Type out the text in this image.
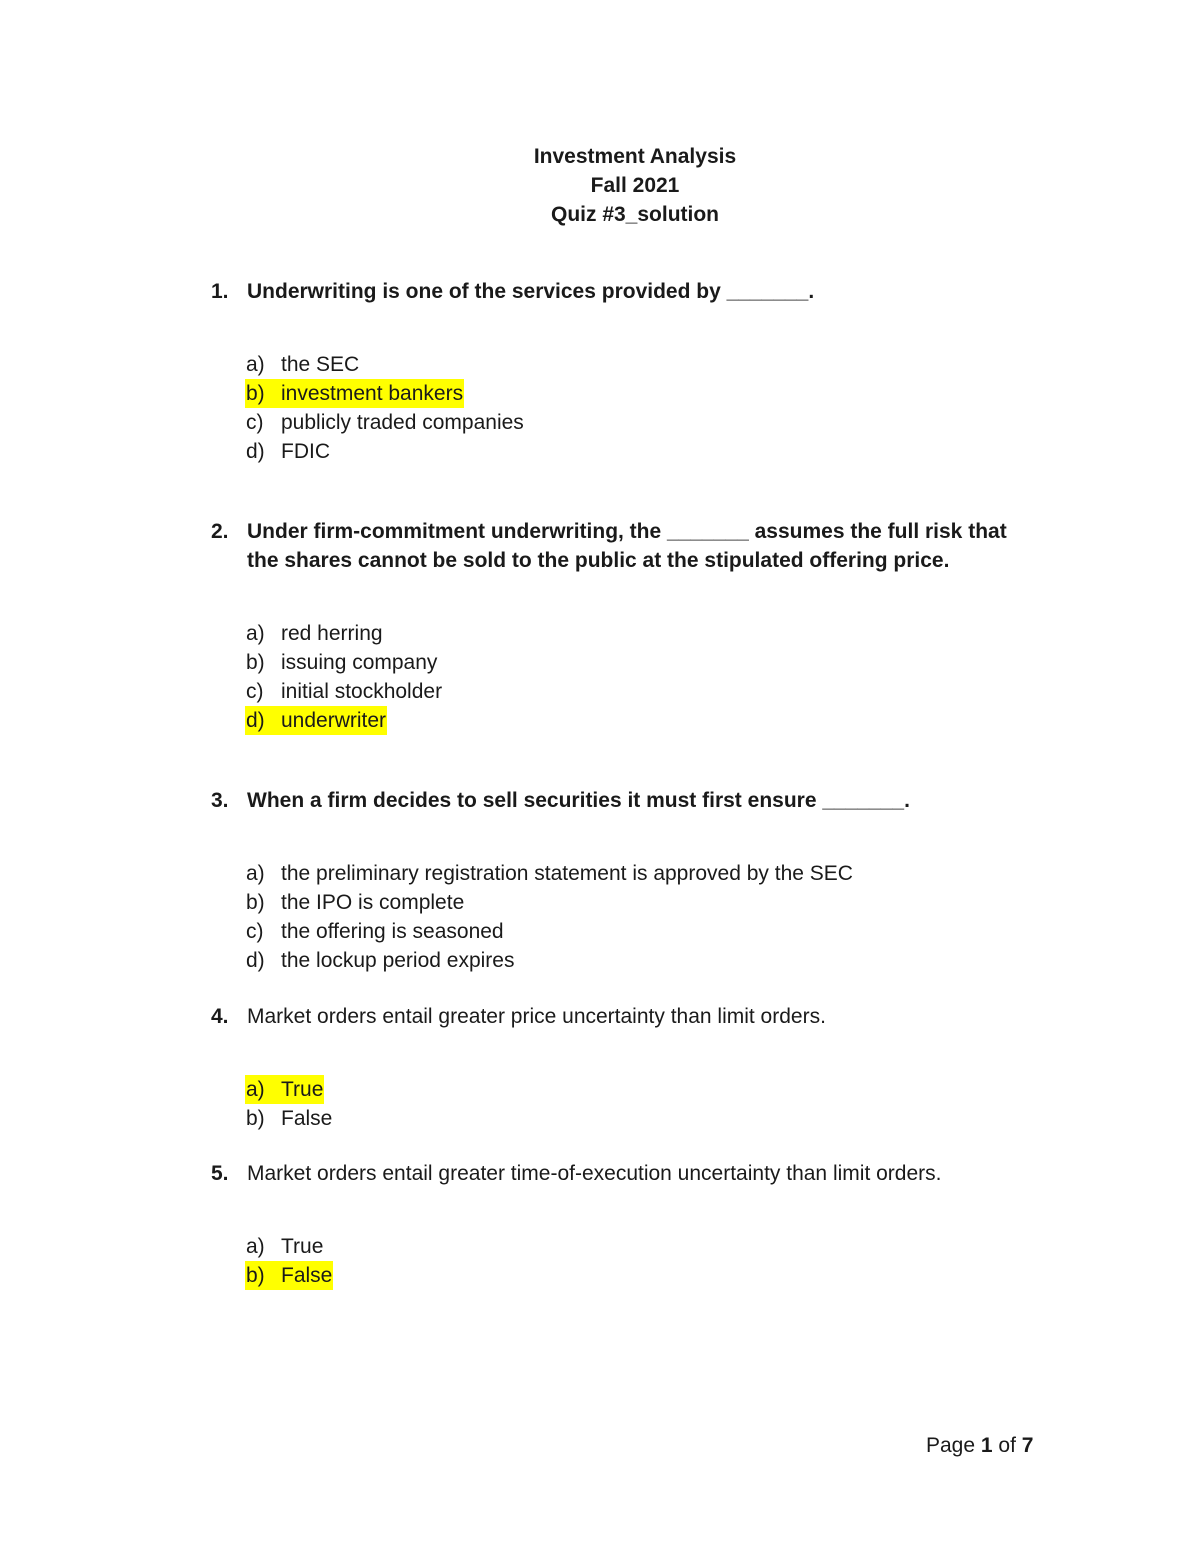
Investment Analysis
Fall 2021
Quiz #3_solution
1. Underwriting is one of the services provided by _______.
a) the SEC
b) investment bankers
c) publicly traded companies
d) FDIC
2. Under firm-commitment underwriting, the _______ assumes the full risk that the shares cannot be sold to the public at the stipulated offering price.
a) red herring
b) issuing company
c) initial stockholder
d) underwriter
3. When a firm decides to sell securities it must first ensure _______.
a) the preliminary registration statement is approved by the SEC
b) the IPO is complete
c) the offering is seasoned
d) the lockup period expires
4. Market orders entail greater price uncertainty than limit orders.
a) True
b) False
5. Market orders entail greater time-of-execution uncertainty than limit orders.
a) True
b) False
Page 1 of 7
